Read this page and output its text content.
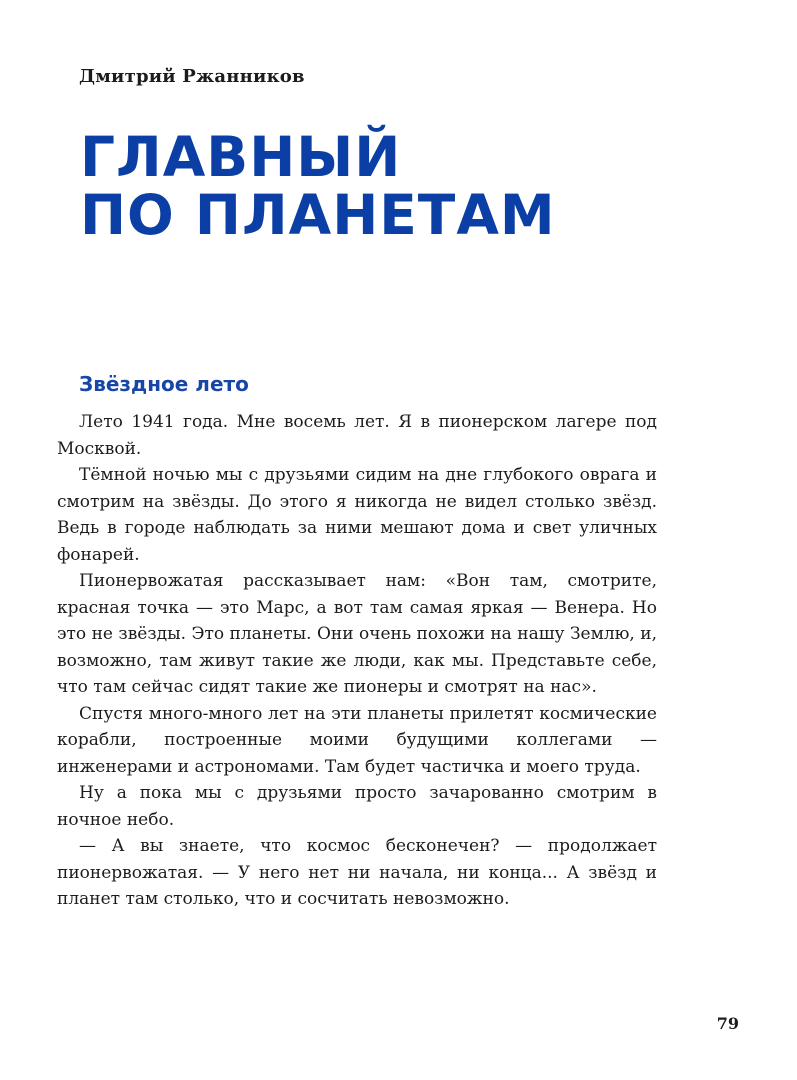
Дмитрий Ржанников
ГЛАВНЫЙ
ПО ПЛАНЕТАМ
Звёздное лето

Лето 1941 года. Мне восемь лет. Я в пионерском лагере под Москвой.

Тёмной ночью мы с друзьями сидим на дне глубокого оврага и смотрим на звёзды. До этого я никогда не видел столько звёзд. Ведь в городе наблюдать за ними мешают дома и свет уличных фонарей.

Пионервожатая рассказывает нам: «Вон там, смотрите, красная точка — это Марс, а вот там самая яркая — Венера. Но это не звёзды. Это планеты. Они очень похожи на нашу Землю, и, возможно, там живут такие же люди, как мы. Представьте себе, что там сейчас сидят такие же пионеры и смотрят на нас».

Спустя много-много лет на эти планеты прилетят космические корабли, построенные моими будущими коллегами — инженерами и астрономами. Там будет частичка и моего труда.

Ну а пока мы с друзьями просто зачарованно смотрим в ночное небо.

— А вы знаете, что космос бесконечен? — продолжает пионервожатая. — У него нет ни начала, ни конца... А звёзд и планет там столько, что и сосчитать невозможно.

79
